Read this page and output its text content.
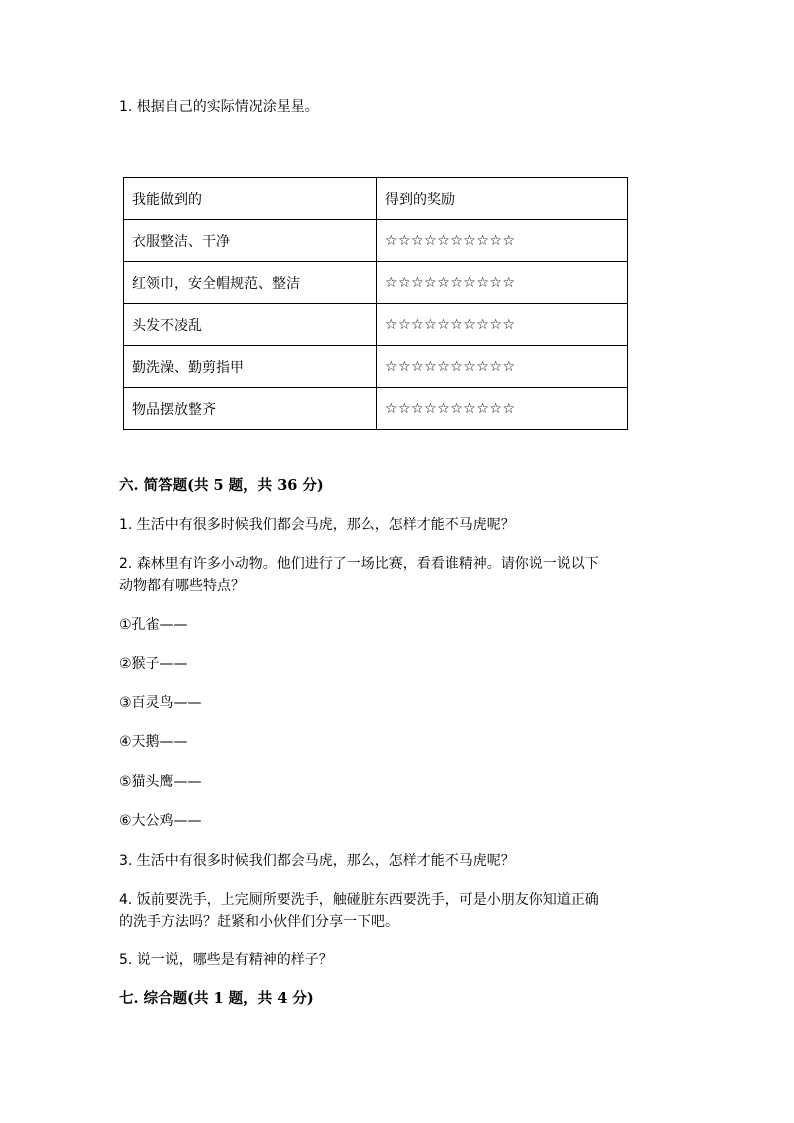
1. 根据自己的实际情况涂星星。

我能做到的	得到的奖励
衣服整洁、干净	☆☆☆☆☆☆☆☆☆☆
红领巾，安全帽规范、整洁	☆☆☆☆☆☆☆☆☆☆
头发不凌乱	☆☆☆☆☆☆☆☆☆☆
勤洗澡、勤剪指甲	☆☆☆☆☆☆☆☆☆☆
物品摆放整齐	☆☆☆☆☆☆☆☆☆☆

六. 简答题(共 5 题，共 36 分)

1. 生活中有很多时候我们都会马虎，那么，怎样才能不马虎呢？

2. 森林里有许多小动物。他们进行了一场比赛，看看谁精神。请你说一说以下

动物都有哪些特点？

①孔雀——

②猴子——

③百灵鸟——

④天鹅——

⑤猫头鹰——

⑥大公鸡——

3. 生活中有很多时候我们都会马虎，那么，怎样才能不马虎呢？

4. 饭前要洗手，上完厕所要洗手，触碰脏东西要洗手，可是小朋友你知道正确

的洗手方法吗？赶紧和小伙伴们分享一下吧。

5. 说一说，哪些是有精神的样子？

七. 综合题(共 1 题，共 4 分)
